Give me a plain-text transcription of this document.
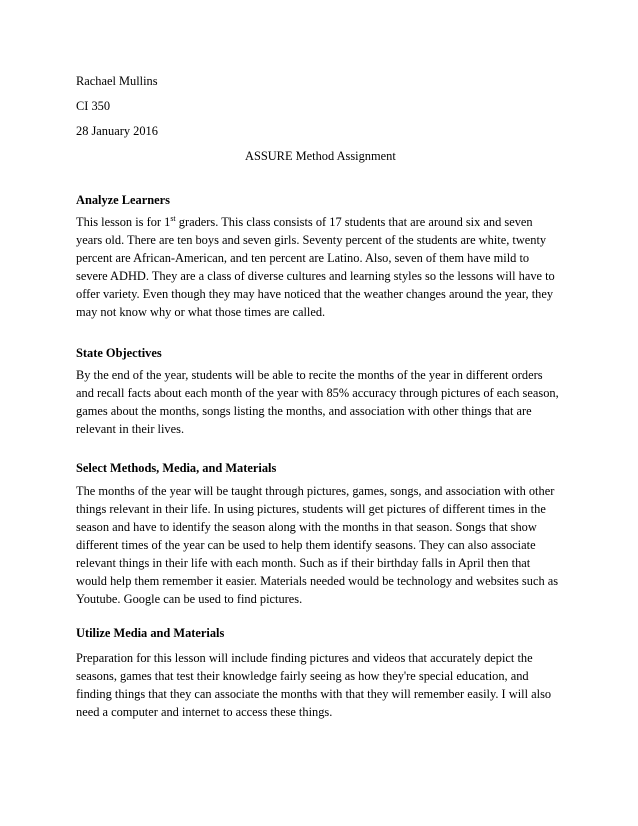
Rachael Mullins
CI 350
28 January 2016
ASSURE Method Assignment
Analyze Learners
This lesson is for 1st graders. This class consists of 17 students that are around six and seven
years old. There are ten boys and seven girls. Seventy percent of the students are white, twenty
percent are African-American, and ten percent are Latino. Also, seven of them have mild to
severe ADHD. They are a class of diverse cultures and learning styles so the lessons will have to
offer variety. Even though they may have noticed that the weather changes around the year, they
may not know why or what those times are called.
State Objectives
By the end of the year, students will be able to recite the months of the year in different orders
and recall facts about each month of the year with 85% accuracy through pictures of each season,
games about the months, songs listing the months, and association with other things that are
relevant in their lives.
Select Methods, Media, and Materials
The months of the year will be taught through pictures, games, songs, and association with other
things relevant in their life. In using pictures, students will get pictures of different times in the
season and have to identify the season along with the months in that season. Songs that show
different times of the year can be used to help them identify seasons. They can also associate
relevant things in their life with each month. Such as if their birthday falls in April then that
would help them remember it easier. Materials needed would be technology and websites such as
Youtube. Google can be used to find pictures.
Utilize Media and Materials
Preparation for this lesson will include finding pictures and videos that accurately depict the
seasons, games that test their knowledge fairly seeing as how they're special education, and
finding things that they can associate the months with that they will remember easily. I will also
need a computer and internet to access these things.
